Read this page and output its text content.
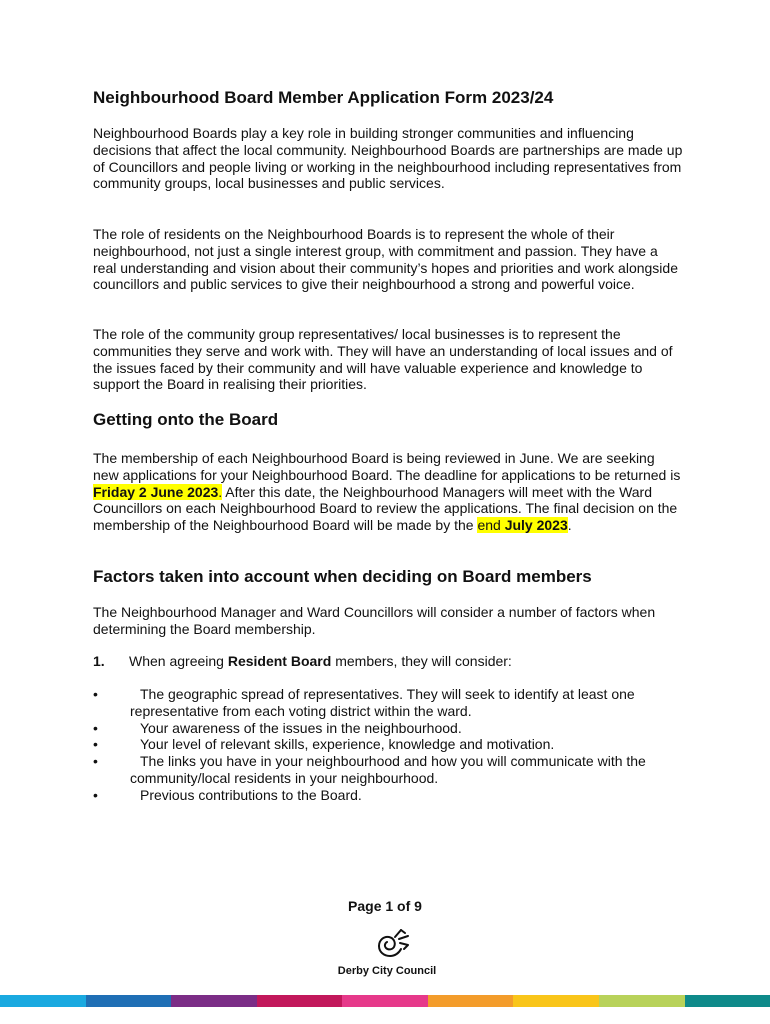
Neighbourhood Board Member Application Form 2023/24

Neighbourhood Boards play a key role in building stronger communities and influencing decisions that affect the local community. Neighbourhood Boards are partnerships are made up of Councillors and people living or working in the neighbourhood including representatives from community groups, local businesses and public services.

The role of residents on the Neighbourhood Boards is to represent the whole of their neighbourhood, not just a single interest group, with commitment and passion. They have a real understanding and vision about their community’s hopes and priorities and work alongside councillors and public services to give their neighbourhood a strong and powerful voice.

The role of the community group representatives/ local businesses is to represent the communities they serve and work with. They will have an understanding of local issues and of the issues faced by their community and will have valuable experience and knowledge to support the Board in realising their priorities.

Getting onto the Board

The membership of each Neighbourhood Board is being reviewed in June. We are seeking new applications for your Neighbourhood Board. The deadline for applications to be returned is Friday 2 June 2023. After this date, the Neighbourhood Managers will meet with the Ward Councillors on each Neighbourhood Board to review the applications. The final decision on the membership of the Neighbourhood Board will be made by the end July 2023.

Factors taken into account when deciding on Board members

The Neighbourhood Manager and Ward Councillors will consider a number of factors when determining the Board membership.

1. When agreeing Resident Board members, they will consider:
•	The geographic spread of representatives. They will seek to identify at least one representative from each voting district within the ward.
•	Your awareness of the issues in the neighbourhood.
•	Your level of relevant skills, experience, knowledge and motivation.
•	The links you have in your neighbourhood and how you will communicate with the community/local residents in your neighbourhood.
•	Previous contributions to the Board.
Page 1 of 9
Derby City Council
